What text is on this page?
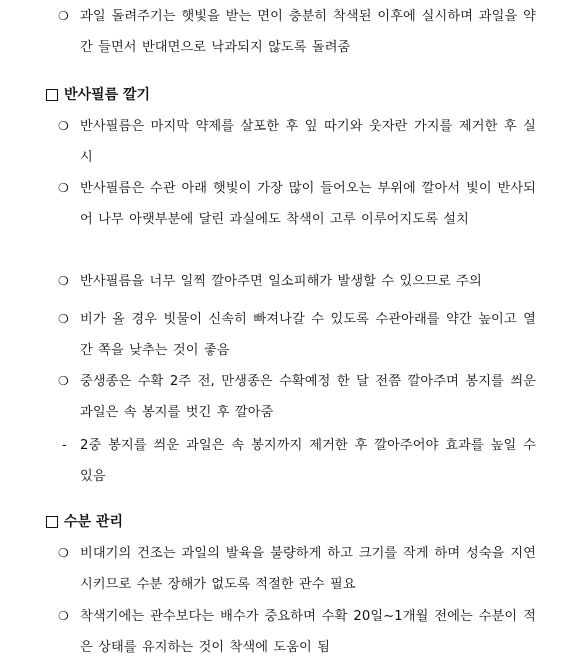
❍ 과일 돌려주기는 햇빛을 받는 면이 충분히 착색된 이후에 실시하며 과일을 약간 들면서 반대면으로 낙과되지 않도록 돌려줌
반사필름 깔기
❍ 반사필름은 마지막 약제를 살포한 후 잎 따기와 웃자란 가지를 제거한 후 실시
❍ 반사필름은 수관 아래 햇빛이 가장 많이 들어오는 부위에 깔아서 빛이 반사되어 나무 아랫부분에 달린 과실에도 착색이 고루 이루어지도록 설치
❍ 반사필름을 너무 일찍 깔아주면 일소피해가 발생할 수 있으므로 주의
❍ 비가 올 경우 빗물이 신속히 빠져나갈 수 있도록 수관아래를 약간 높이고 열간 쪽을 낮추는 것이 좋음
❍ 중생종은 수확 2주 전, 만생종은 수확예정 한 달 전쯤 깔아주며 봉지를 씌운 과일은 속 봉지를 벗긴 후 깔아줌
- 2중 봉지를 씌운 과일은 속 봉지까지 제거한 후 깔아주어야 효과를 높일 수 있음
수분 관리
❍ 비대기의 건조는 과일의 발육을 불량하게 하고 크기를 작게 하며 성숙을 지연시키므로 수분 장해가 없도록 적절한 관수 필요
❍ 착색기에는 관수보다는 배수가 중요하며 수확 20일∼1개월 전에는 수분이 적은 상태를 유지하는 것이 착색에 도움이 됨
